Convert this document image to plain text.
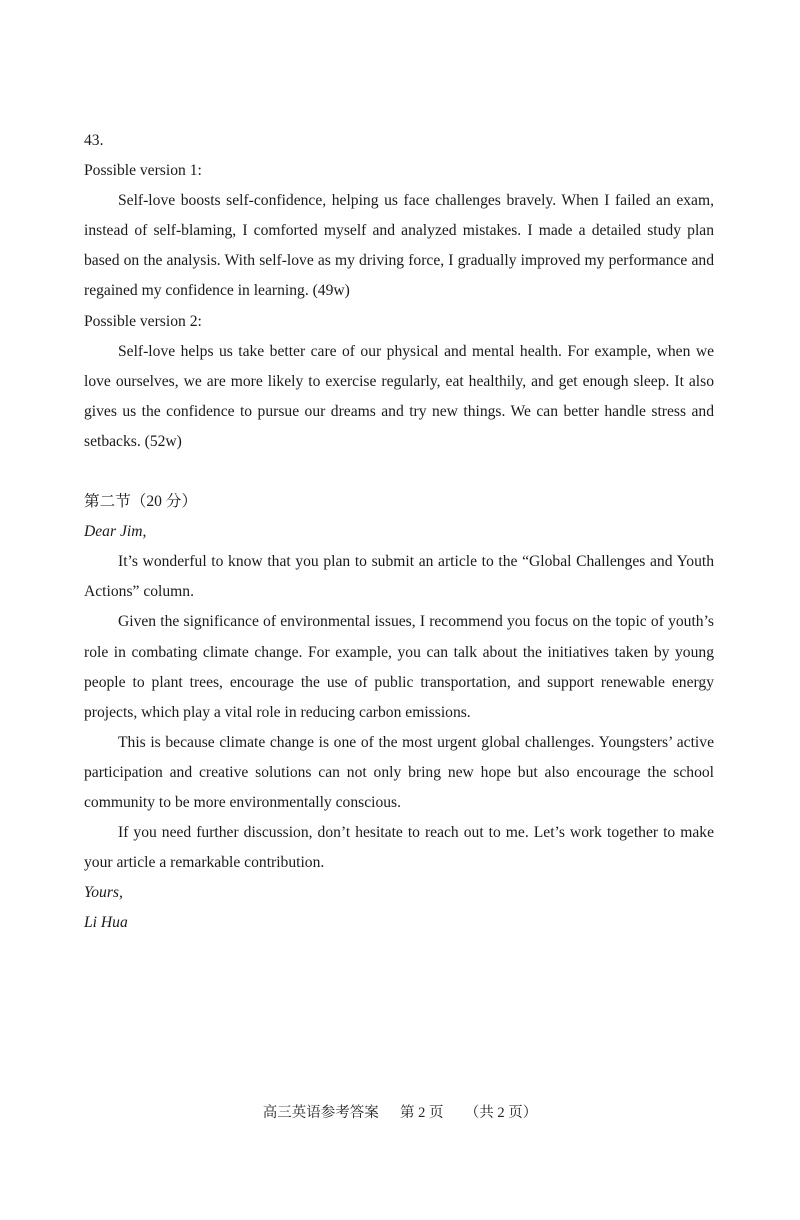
43.

Possible version 1:

Self-love boosts self-confidence, helping us face challenges bravely. When I failed an exam, instead of self-blaming, I comforted myself and analyzed mistakes. I made a detailed study plan based on the analysis. With self-love as my driving force, I gradually improved my performance and regained my confidence in learning. (49w)

Possible version 2:

Self-love helps us take better care of our physical and mental health. For example, when we love ourselves, we are more likely to exercise regularly, eat healthily, and get enough sleep. It also gives us the confidence to pursue our dreams and try new things. We can better handle stress and setbacks. (52w)

第二节（20 分）

Dear Jim,

It’s wonderful to know that you plan to submit an article to the “Global Challenges and Youth Actions” column.

Given the significance of environmental issues, I recommend you focus on the topic of youth’s role in combating climate change. For example, you can talk about the initiatives taken by young people to plant trees, encourage the use of public transportation, and support renewable energy projects, which play a vital role in reducing carbon emissions.

This is because climate change is one of the most urgent global challenges. Youngsters’ active participation and creative solutions can not only bring new hope but also encourage the school community to be more environmentally conscious.

If you need further discussion, don’t hesitate to reach out to me. Let’s work together to make your article a remarkable contribution.

Yours,

Li Hua

高三英语参考答案 第 2 页 （共 2 页）
